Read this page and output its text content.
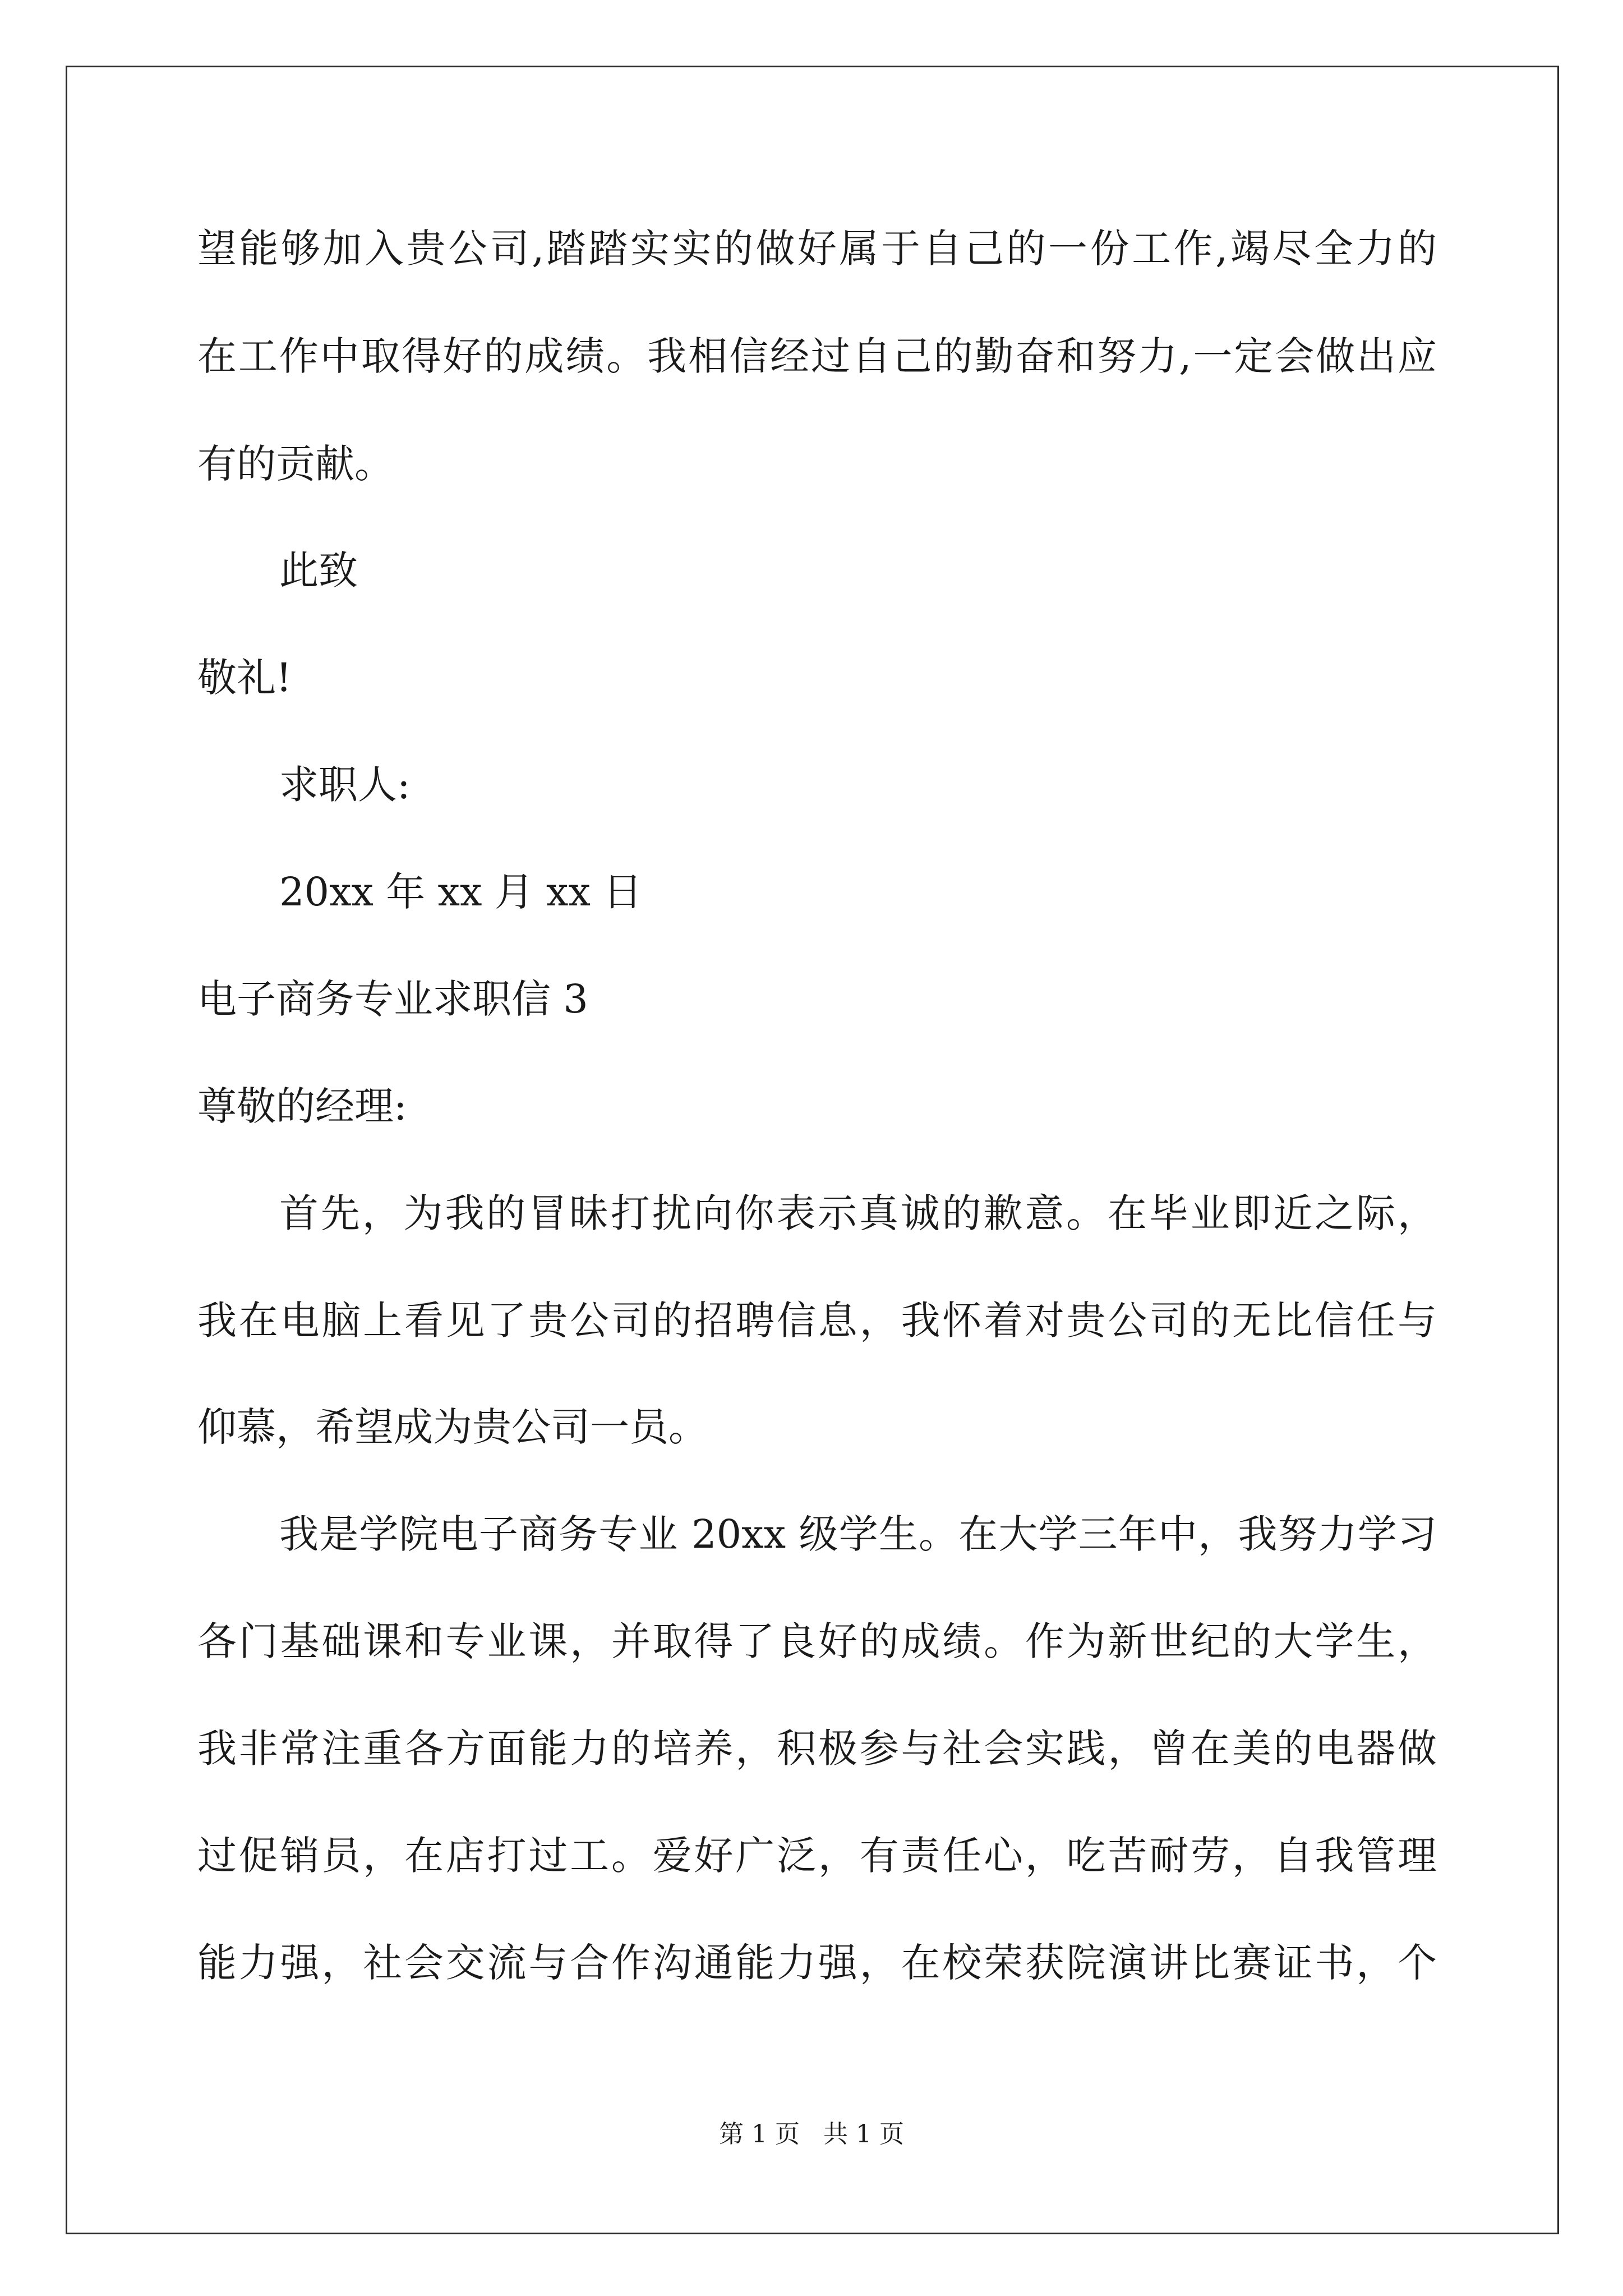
望能够加入贵公司,踏踏实实的做好属于自己的一份工作,竭尽全力的

在工作中取得好的成绩。我相信经过自己的勤奋和努力,一定会做出应

有的贡献。

此致

敬礼!

求职人:

20xx 年 xx 月 xx 日

电子商务专业求职信 3

尊敬的经理:

首先，为我的冒昧打扰向你表示真诚的歉意。在毕业即近之际，

我在电脑上看见了贵公司的招聘信息，我怀着对贵公司的无比信任与

仰慕，希望成为贵公司一员。

我是学院电子商务专业 20xx 级学生。在大学三年中，我努力学习

各门基础课和专业课，并取得了良好的成绩。作为新世纪的大学生，

我非常注重各方面能力的培养，积极参与社会实践，曾在美的电器做

过促销员，在店打过工。爱好广泛，有责任心，吃苦耐劳，自我管理

能力强，社会交流与合作沟通能力强，在校荣获院演讲比赛证书，个

第 1 页   共 1 页
